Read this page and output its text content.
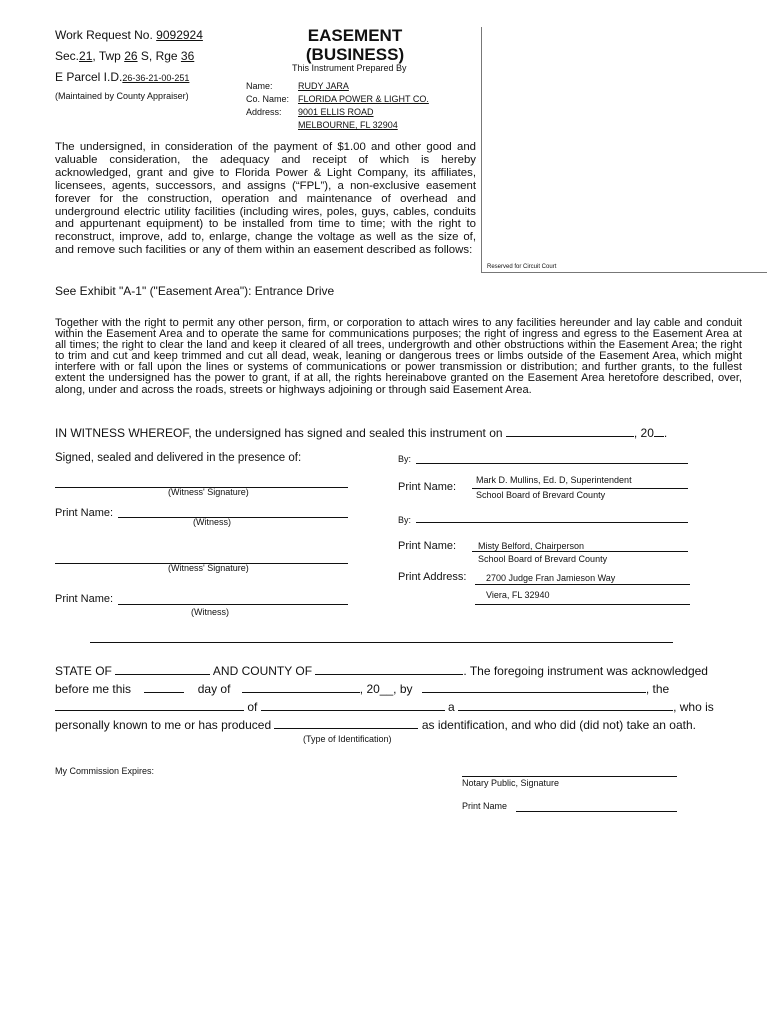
Work Request No. 9092924
Sec.21, Twp 26 S, Rge 36
E Parcel I.D.26-36-21-00-251
(Maintained by County Appraiser)
EASEMENT
(BUSINESS)
This Instrument Prepared By
Name:	RUDY JARA
Co. Name: FLORIDA POWER & LIGHT CO.
Address: 9001 ELLIS ROAD
MELBOURNE, FL 32904
Reserved for Circuit Court

The undersigned, in consideration of the payment of $1.00 and other good and valuable consideration, the adequacy and receipt of which is hereby acknowledged, grant and give to Florida Power & Light Company, its affiliates, licensees, agents, successors, and assigns (“FPL”), a non-exclusive easement forever for the construction, operation and maintenance of overhead and underground electric utility facilities (including wires, poles, guys, cables, conduits and appurtenant equipment) to be installed from time to time; with the right to reconstruct, improve, add to, enlarge, change the voltage as well as the size of, and remove such facilities or any of them within an easement described as follows:

See Exhibit "A-1" ("Easement Area"): Entrance Drive

Together with the right to permit any other person, firm, or corporation to attach wires to any facilities hereunder and lay cable and conduit within the Easement Area and to operate the same for communications purposes; the right of ingress and egress to the Easement Area at all times; the right to clear the land and keep it cleared of all trees, undergrowth and other obstructions within the Easement Area; the right to trim and cut and keep trimmed and cut all dead, weak, leaning or dangerous trees or limbs outside of the Easement Area, which might interfere with or fall upon the lines or systems of communications or power transmission or distribution; and further grants, to the fullest extent the undersigned has the power to grant, if at all, the rights hereinabove granted on the Easement Area heretofore described, over, along, under and across the roads, streets or highways adjoining or through said Easement Area.

IN WITNESS WHEREOF, the undersigned has signed and sealed this instrument on	, 20 .
Signed, sealed and delivered in the presence of:
(Witness' Signature)
Print Name:
(Witness)
(Witness' Signature)
Print Name:
(Witness)
By:
Print Name:
Mark D. Mullins, Ed. D, Superintendent
School Board of Brevard County
By:
Print Name: Misty Belford, Chairperson
School Board of Brevard County
Print Address: 2700 Judge Fran Jamieson Way
Viera, FL 32940
STATE OF	AND COUNTY OF	. The foregoing instrument was acknowledged
before me this	day of	, 20__, by	, the
of	a	, who is
personally known to me or has produced	as identification, and who did (did not) take an oath.
(Type of Identification)
My Commission Expires:
Notary Public, Signature
Print Name
